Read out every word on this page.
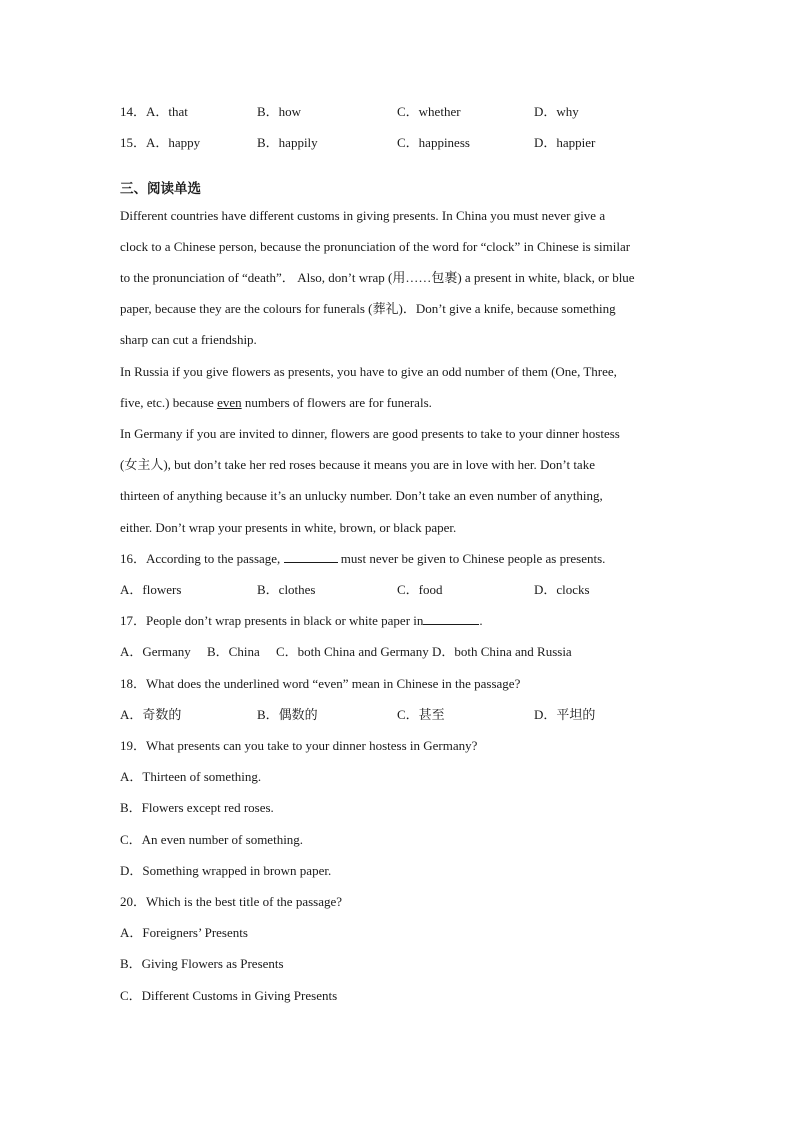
14．A．that	B．how	C．whether	D．why
15．A．happy	B．happily	C．happiness	D．happier
三、阅读单选
Different countries have different customs in giving presents. In China you must never give a
clock to a Chinese person, because the pronunciation of the word for “clock” in Chinese is similar
to the pronunciation of “death”． Also, don’t wrap (用……包裹) a present in white, black, or blue
paper, because they are the colours for funerals (葬礼)．Don’t give a knife, because something
sharp can cut a friendship.
In Russia if you give flowers as presents, you have to give an odd number of them (One, Three,
five, etc.) because even numbers of flowers are for funerals.
In Germany if you are invited to dinner, flowers are good presents to take to your dinner hostess
(女主人), but don’t take her red roses because it means you are in love with her. Don’t take
thirteen of anything because it’s an unlucky number. Don’t take an even number of anything,
either. Don’t wrap your presents in white, brown, or black paper.
16．According to the passage,	must never be given to Chinese people as presents.
A．flowers	B．clothes	C．food	D．clocks
17．People don’t wrap presents in black or white paper in	.
A．Germany　 B．China　 C．both China and Germany D．both China and Russia
18．What does the underlined word “even” mean in Chinese in the passage?
A．奇数的	B．偶数的	C．甚至	D．平坦的
19．What presents can you take to your dinner hostess in Germany?
A．Thirteen of something.
B．Flowers except red roses.
C．An even number of something.
D．Something wrapped in brown paper.
20．Which is the best title of the passage?
A．Foreigners’ Presents
B．Giving Flowers as Presents
C．Different Customs in Giving Presents
